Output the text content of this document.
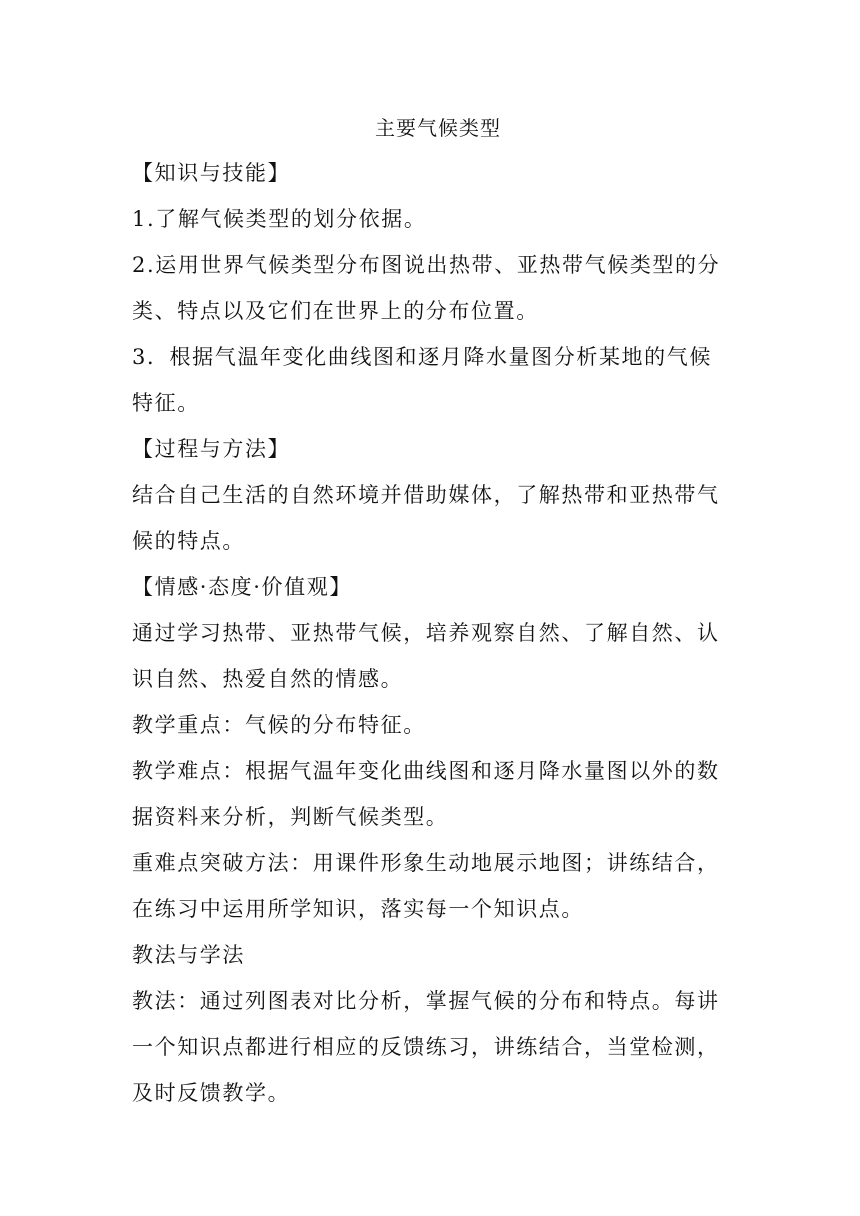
主要气候类型

【知识与技能】

1.了解气候类型的划分依据。

2.运用世界气候类型分布图说出热带、亚热带气候类型的分

类、特点以及它们在世界上的分布位置。

3．根据气温年变化曲线图和逐月降水量图分析某地的气候

特征。

【过程与方法】

结合自己生活的自然环境并借助媒体，了解热带和亚热带气

候的特点。

【情感·态度·价值观】

通过学习热带、亚热带气候，培养观察自然、了解自然、认

识自然、热爱自然的情感。

教学重点：气候的分布特征。

教学难点：根据气温年变化曲线图和逐月降水量图以外的数

据资料来分析，判断气候类型。

重难点突破方法：用课件形象生动地展示地图；讲练结合，

在练习中运用所学知识，落实每一个知识点。

教法与学法

教法：通过列图表对比分析，掌握气候的分布和特点。每讲

一个知识点都进行相应的反馈练习，讲练结合，当堂检测，

及时反馈教学。
